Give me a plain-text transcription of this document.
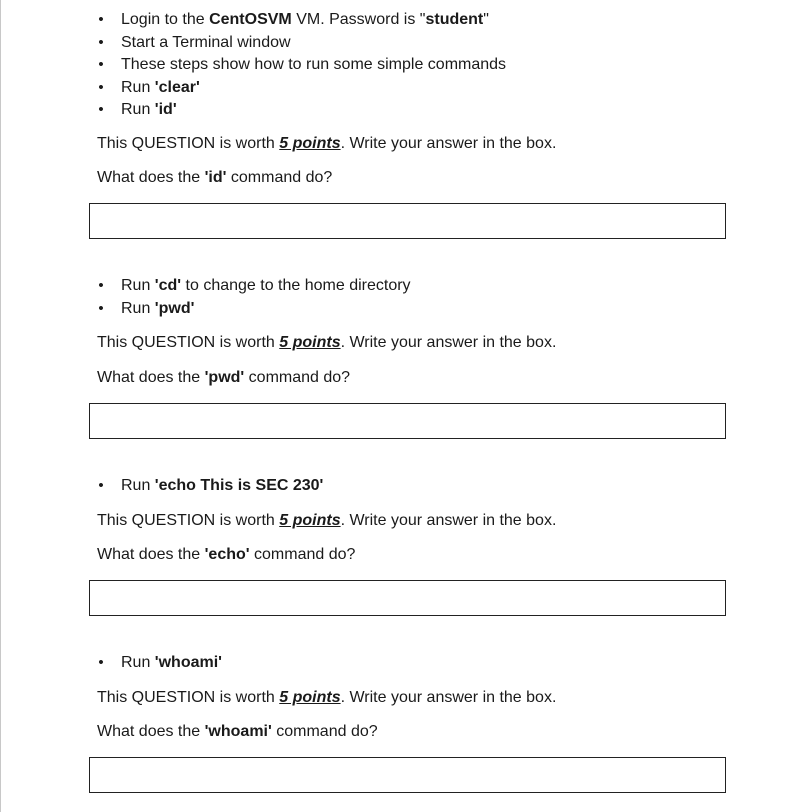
• Login to the CentOSVM VM. Password is "student"
• Start a Terminal window
• These steps show how to run some simple commands
• Run 'clear'
• Run 'id'
This QUESTION is worth 5 points. Write your answer in the box.
What does the 'id' command do?
• Run 'cd' to change to the home directory
• Run 'pwd'
This QUESTION is worth 5 points. Write your answer in the box.
What does the 'pwd' command do?
• Run 'echo This is SEC 230'
This QUESTION is worth 5 points. Write your answer in the box.
What does the 'echo' command do?
• Run 'whoami'
This QUESTION is worth 5 points. Write your answer in the box.
What does the 'whoami' command do?
